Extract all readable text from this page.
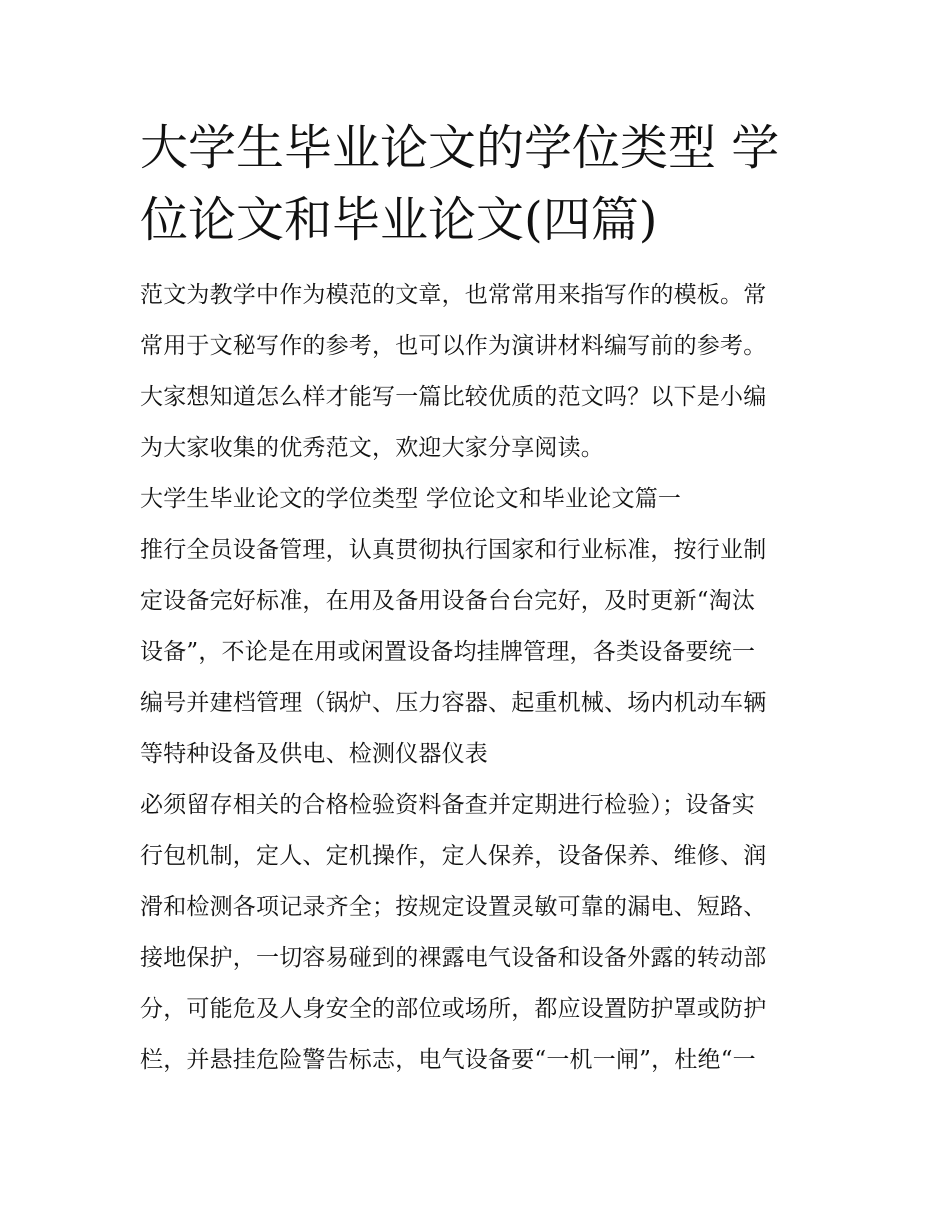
大学生毕业论文的学位类型 学位论文和毕业论文(四篇)

范文为教学中作为模范的文章，也常常用来指写作的模板。常

常用于文秘写作的参考，也可以作为演讲材料编写前的参考。

大家想知道怎么样才能写一篇比较优质的范文吗？以下是小编

为大家收集的优秀范文，欢迎大家分享阅读。

大学生毕业论文的学位类型 学位论文和毕业论文篇一

推行全员设备管理，认真贯彻执行国家和行业标准，按行业制

定设备完好标准，在用及备用设备台台完好，及时更新“淘汰

设备”，不论是在用或闲置设备均挂牌管理，各类设备要统一

编号并建档管理（锅炉、压力容器、起重机械、场内机动车辆

等特种设备及供电、检测仪器仪表

必须留存相关的合格检验资料备查并定期进行检验）；设备实

行包机制，定人、定机操作，定人保养，设备保养、维修、润

滑和检测各项记录齐全；按规定设置灵敏可靠的漏电、短路、

接地保护，一切容易碰到的裸露电气设备和设备外露的转动部

分，可能危及人身安全的部位或场所，都应设置防护罩或防护

栏，并悬挂危险警告标志，电气设备要“一机一闸”，杜绝“一
